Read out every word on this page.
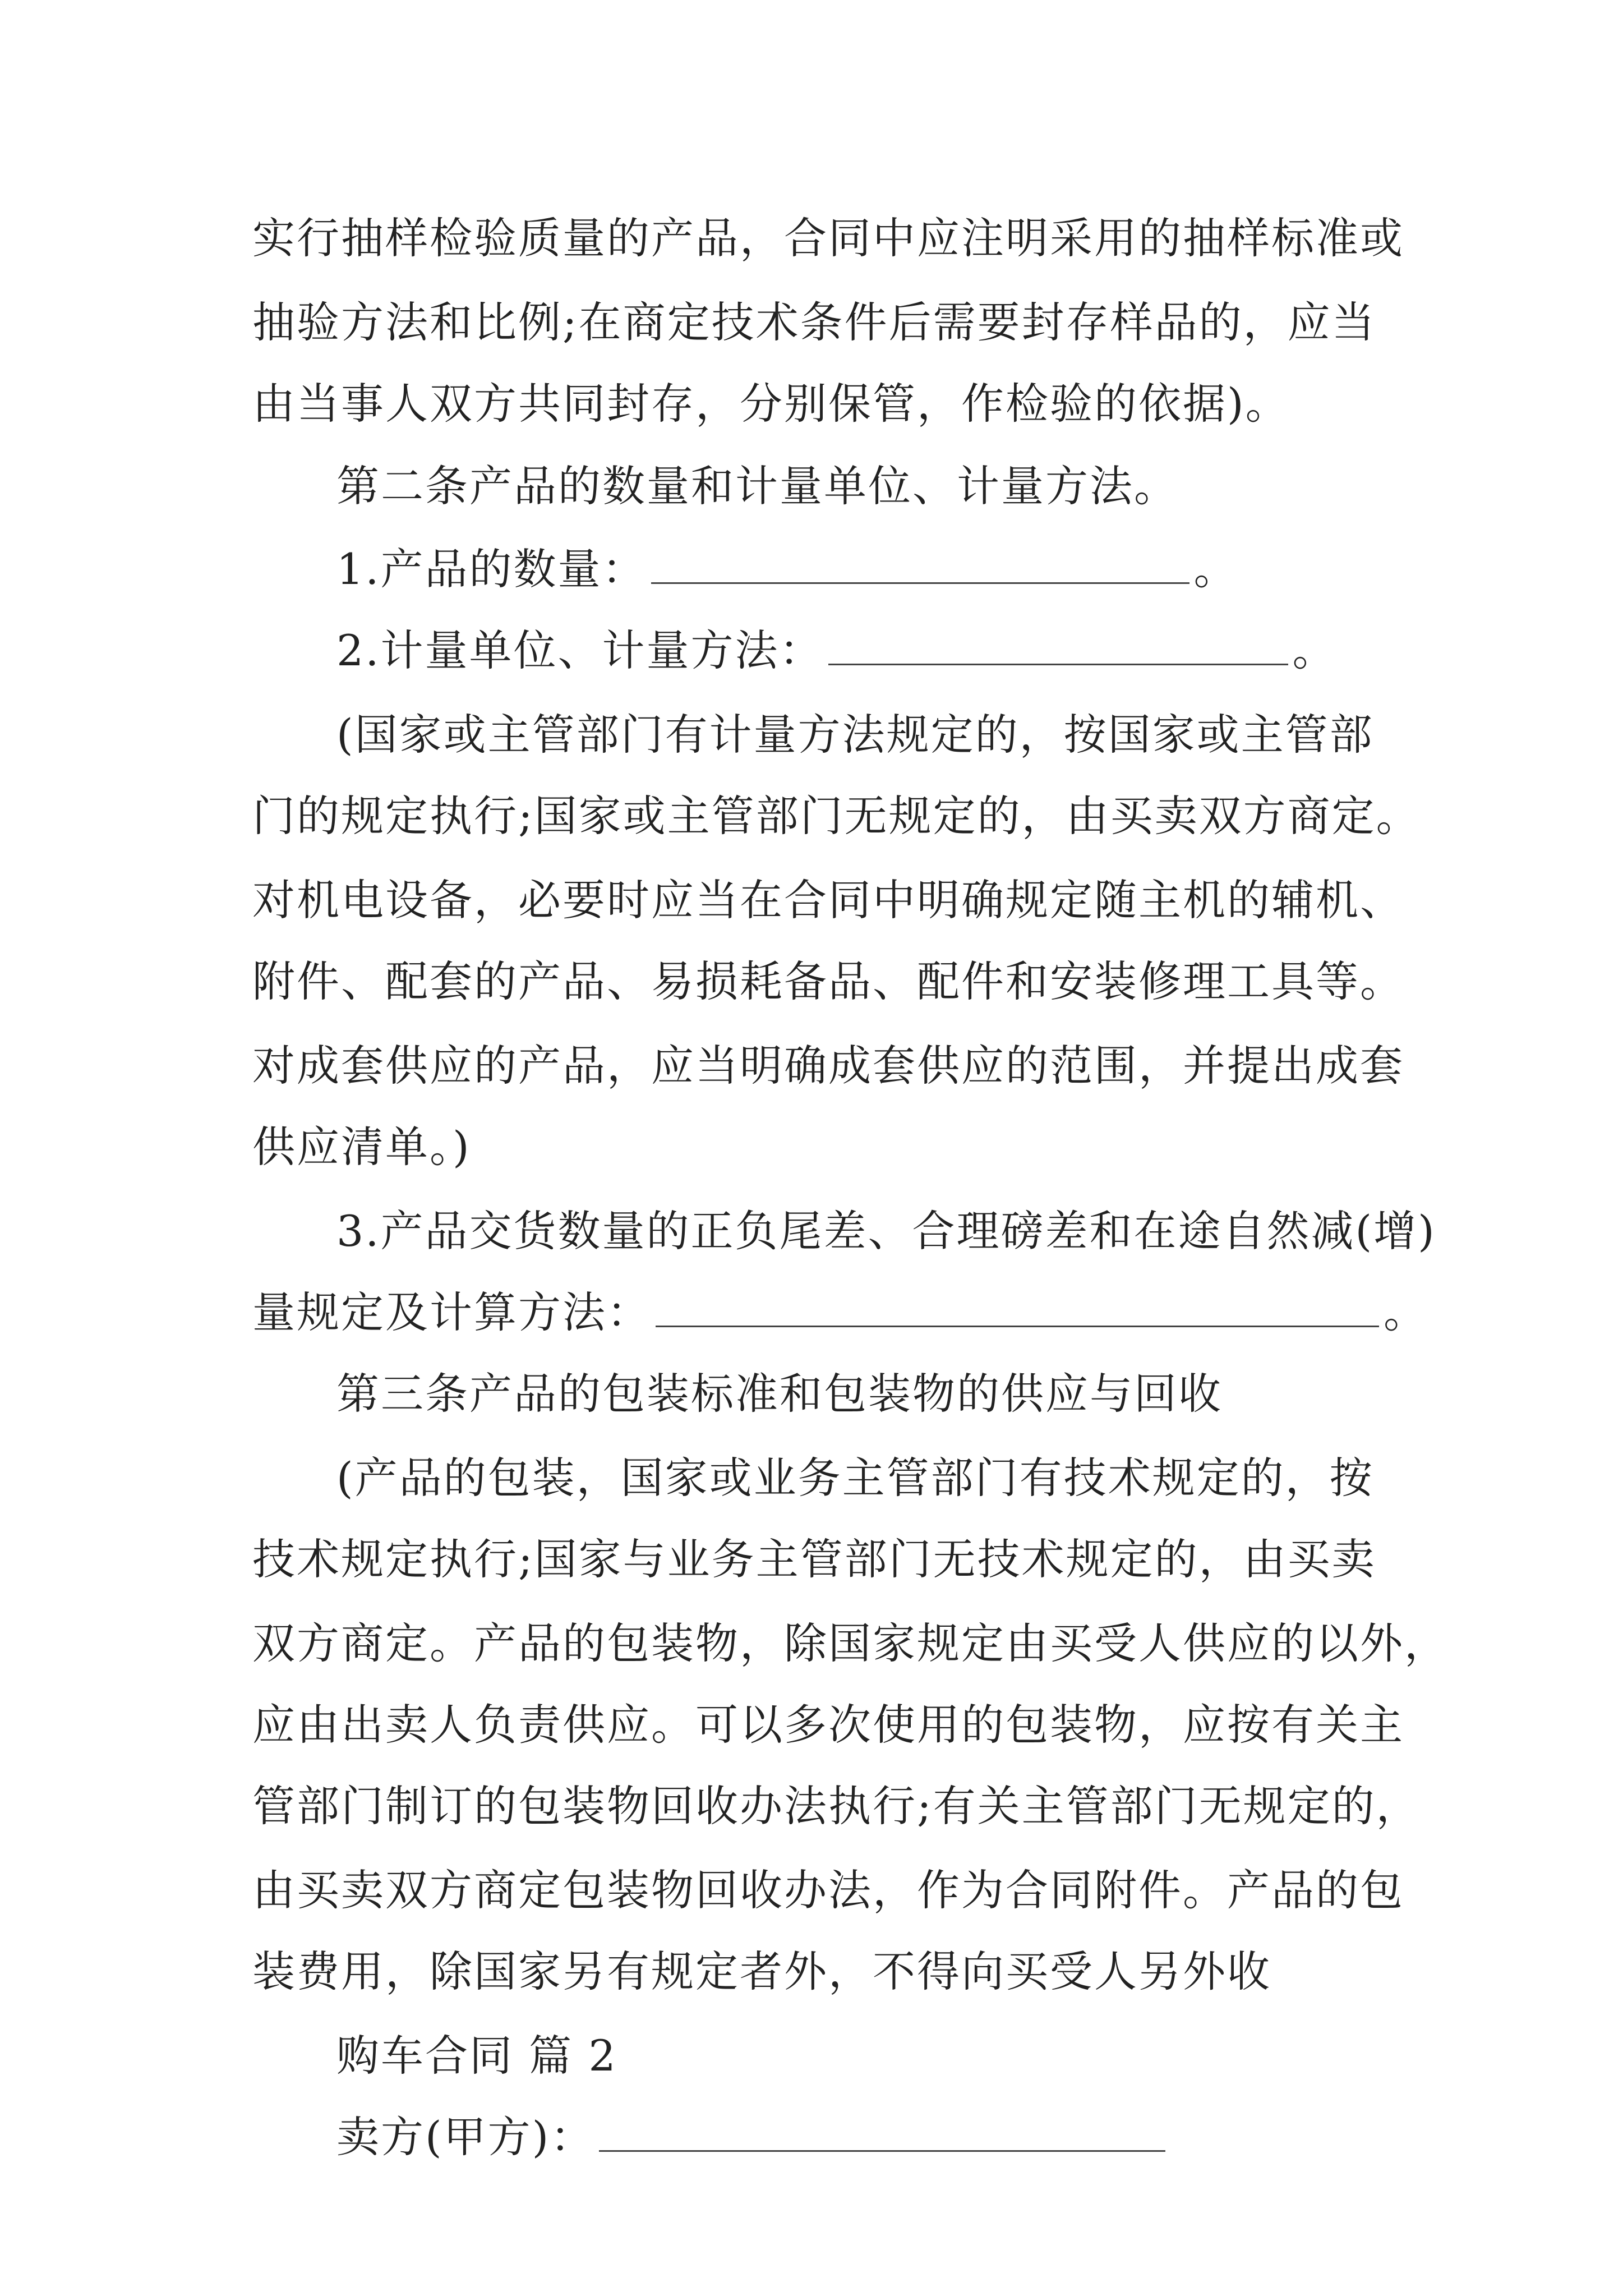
实行抽样检验质量的产品，合同中应注明采用的抽样标准或
抽验方法和比例;在商定技术条件后需要封存样品的，应当
由当事人双方共同封存，分别保管，作检验的依据)。
第二条产品的数量和计量单位、计量方法。
1.产品的数量：	。
2.计量单位、计量方法：	。
(国家或主管部门有计量方法规定的，按国家或主管部
门的规定执行;国家或主管部门无规定的，由买卖双方商定。
对机电设备，必要时应当在合同中明确规定随主机的辅机、
附件、配套的产品、易损耗备品、配件和安装修理工具等。
对成套供应的产品，应当明确成套供应的范围，并提出成套
供应清单。)
3.产品交货数量的正负尾差、合理磅差和在途自然减(增)
量规定及计算方法：	。
第三条产品的包装标准和包装物的供应与回收
(产品的包装，国家或业务主管部门有技术规定的，按
技术规定执行;国家与业务主管部门无技术规定的，由买卖
双方商定。产品的包装物，除国家规定由买受人供应的以外，
应由出卖人负责供应。可以多次使用的包装物，应按有关主
管部门制订的包装物回收办法执行;有关主管部门无规定的，
由买卖双方商定包装物回收办法，作为合同附件。产品的包
装费用，除国家另有规定者外，不得向买受人另外收
购车合同 篇 2
卖方(甲方)：
